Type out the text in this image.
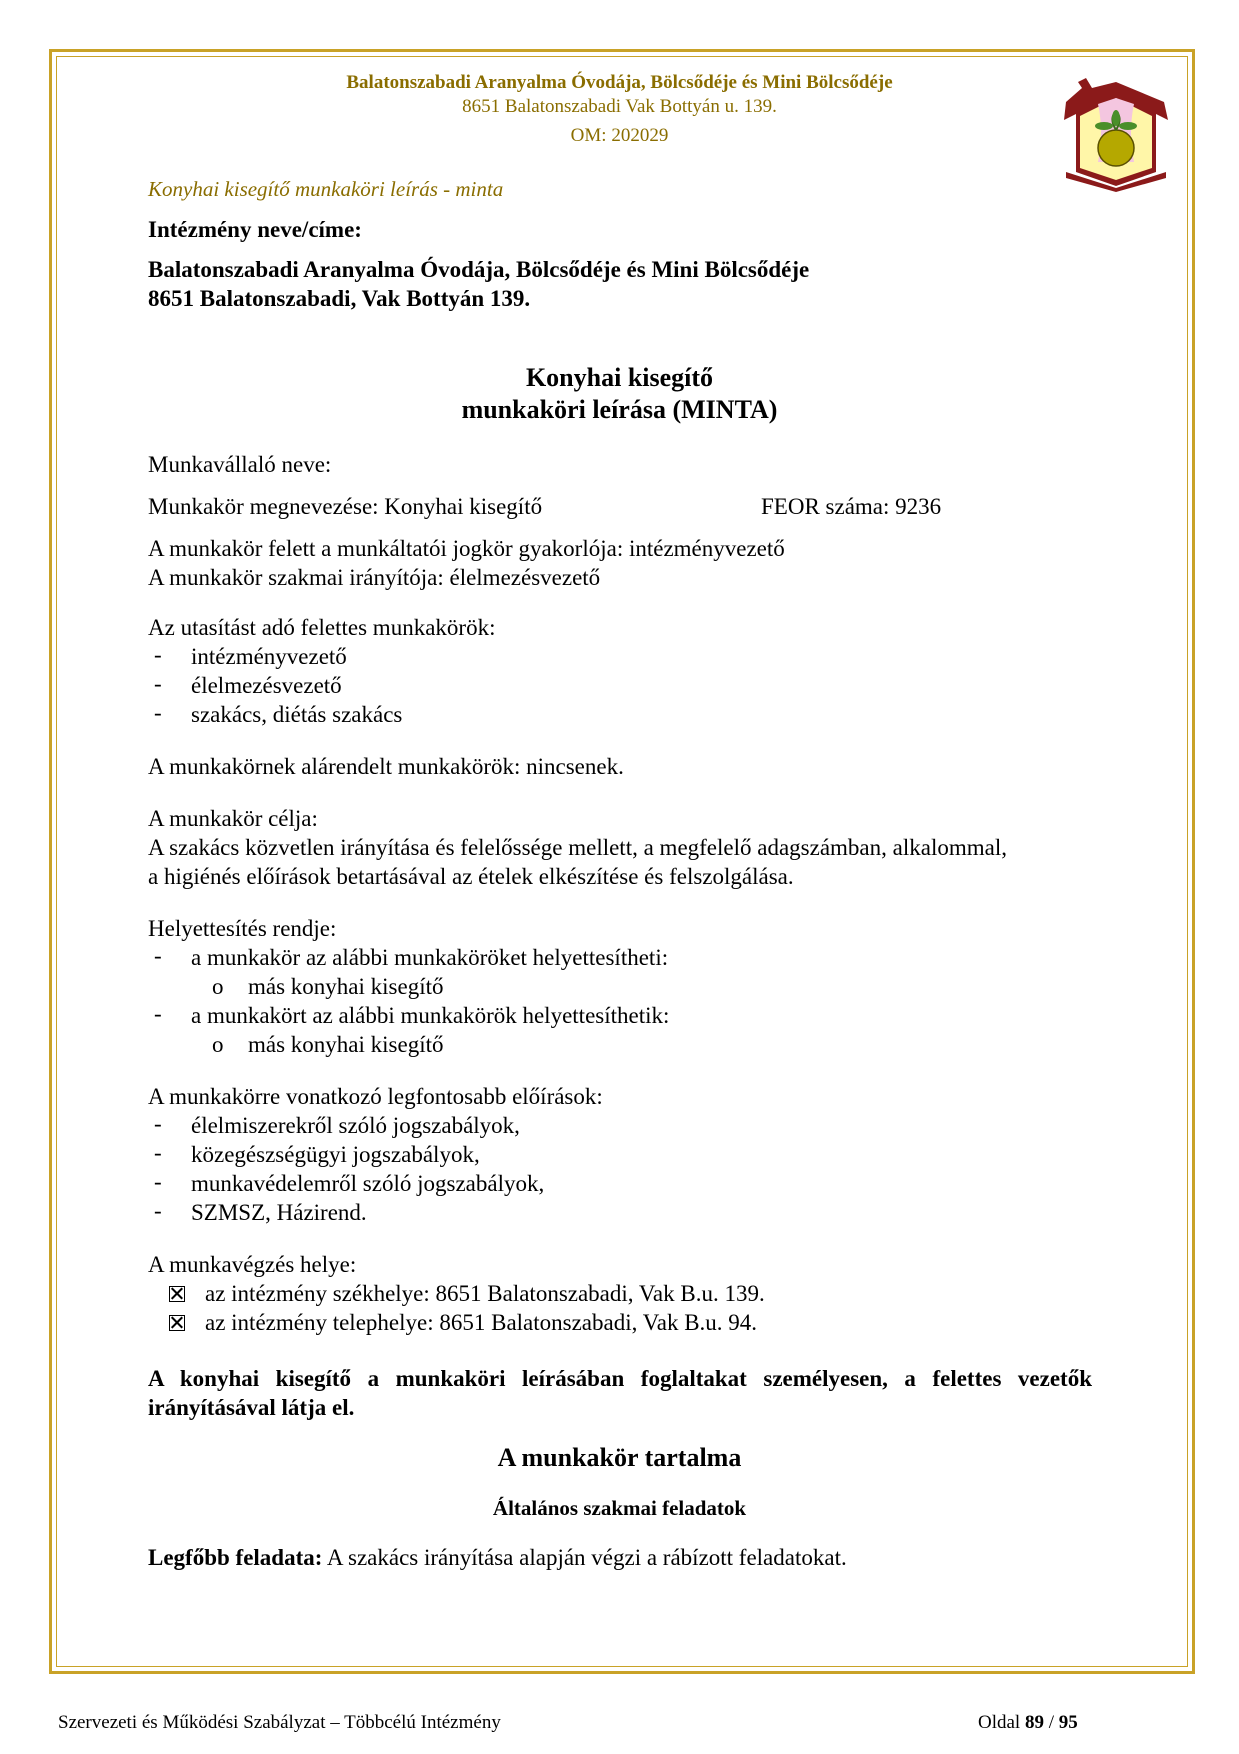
Balatonszabadi Aranyalma Óvodája, Bölcsődéje és Mini Bölcsődéje
8651 Balatonszabadi Vak Bottyán u. 139.
OM: 202029
Konyhai kisegítő munkaköri leírás - minta
Intézmény neve/címe:
Balatonszabadi Aranyalma Óvodája, Bölcsődéje és Mini Bölcsődéje
8651 Balatonszabadi, Vak Bottyán 139.
Konyhai kisegítő
munkaköri leírása (MINTA)
Munkavállaló neve:
Munkakör megnevezése: Konyhai kisegítő	FEOR száma: 9236
A munkakör felett a munkáltatói jogkör gyakorlója: intézményvezető
A munkakör szakmai irányítója: élelmezésvezető
Az utasítást adó felettes munkakörök:
- intézményvezető
- élelmezésvezető
- szakács, diétás szakács
A munkakörnek alárendelt munkakörök: nincsenek.
A munkakör célja:
A szakács közvetlen irányítása és felelőssége mellett, a megfelelő adagszámban, alkalommal,
a higiénés előírások betartásával az ételek elkészítése és felszolgálása.
Helyettesítés rendje:
- a munkakör az alábbi munkaköröket helyettesítheti:
o más konyhai kisegítő
- a munkakört az alábbi munkakörök helyettesíthetik:
o más konyhai kisegítő
A munkakörre vonatkozó legfontosabb előírások:
- élelmiszerekről szóló jogszabályok,
- közegészségügyi jogszabályok,
- munkavédelemről szóló jogszabályok,
- SZMSZ, Házirend.
A munkavégzés helye:
az intézmény székhelye: 8651 Balatonszabadi, Vak B.u. 139.
az intézmény telephelye: 8651 Balatonszabadi, Vak B.u. 94.
A konyhai kisegítő a munkaköri leírásában foglaltakat személyesen, a felettes vezetők irányításával látja el.
A munkakör tartalma
Általános szakmai feladatok
Legfőbb feladata: A szakács irányítása alapján végzi a rábízott feladatokat.
Szervezeti és Működési Szabályzat – Többcélú Intézmény	Oldal 89 / 95
